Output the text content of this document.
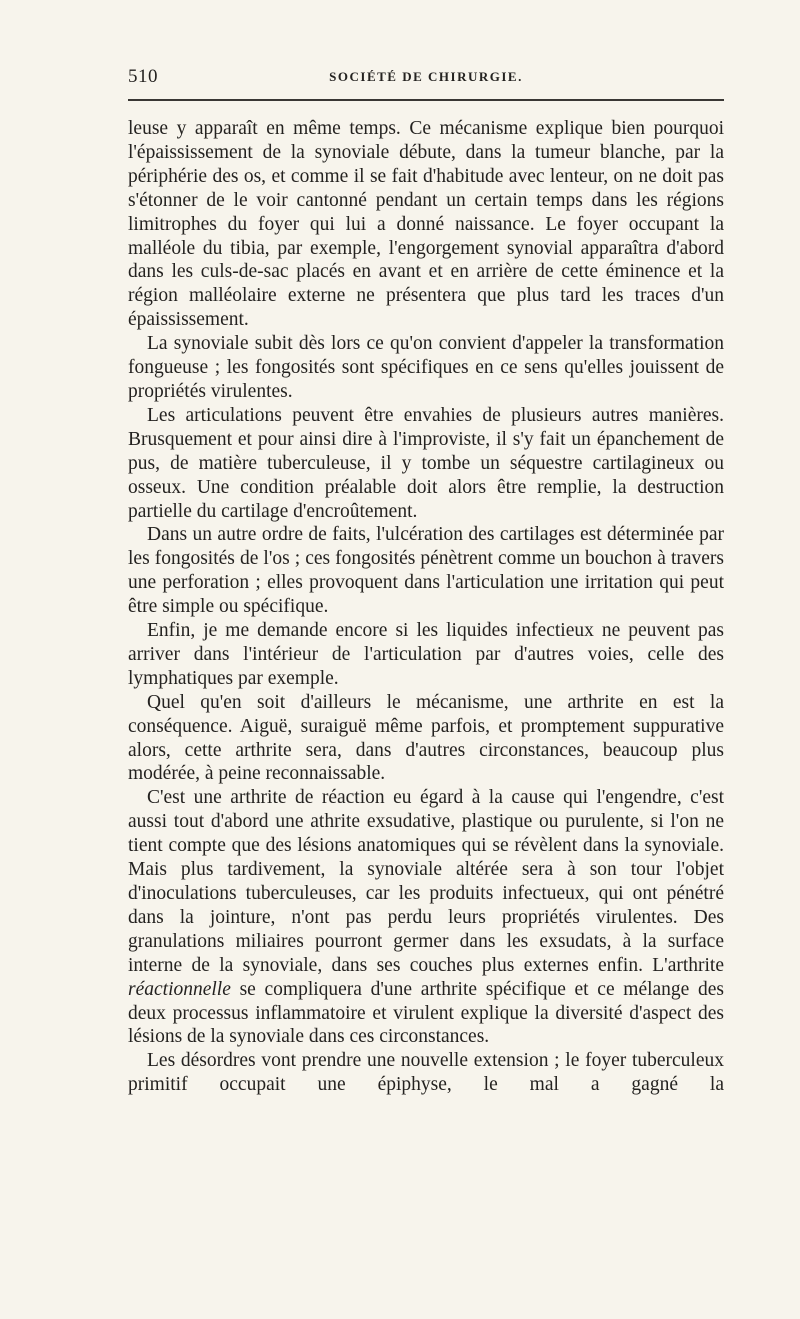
510	SOCIÉTÉ DE CHIRURGIE.

leuse y apparaît en même temps. Ce mécanisme explique bien pourquoi l'épaississement de la synoviale débute, dans la tumeur blanche, par la périphérie des os, et comme il se fait d'habitude avec lenteur, on ne doit pas s'étonner de le voir cantonné pendant un certain temps dans les régions limitrophes du foyer qui lui a donné naissance. Le foyer occupant la malléole du tibia, par exemple, l'engorgement synovial apparaîtra d'abord dans les culs-de-sac placés en avant et en arrière de cette éminence et la région malléolaire externe ne présentera que plus tard les traces d'un épaississement.

La synoviale subit dès lors ce qu'on convient d'appeler la transformation fongueuse ; les fongosités sont spécifiques en ce sens qu'elles jouissent de propriétés virulentes.

Les articulations peuvent être envahies de plusieurs autres manières. Brusquement et pour ainsi dire à l'improviste, il s'y fait un épanchement de pus, de matière tuberculeuse, il y tombe un séquestre cartilagineux ou osseux. Une condition préalable doit alors être remplie, la destruction partielle du cartilage d'encroûtement.

Dans un autre ordre de faits, l'ulcération des cartilages est déterminée par les fongosités de l'os ; ces fongosités pénètrent comme un bouchon à travers une perforation ; elles provoquent dans l'articulation une irritation qui peut être simple ou spécifique.

Enfin, je me demande encore si les liquides infectieux ne peuvent pas arriver dans l'intérieur de l'articulation par d'autres voies, celle des lymphatiques par exemple.

Quel qu'en soit d'ailleurs le mécanisme, une arthrite en est la conséquence. Aiguë, suraiguë même parfois, et promptement suppurative alors, cette arthrite sera, dans d'autres circonstances, beaucoup plus modérée, à peine reconnaissable.

C'est une arthrite de réaction eu égard à la cause qui l'engendre, c'est aussi tout d'abord une athrite exsudative, plastique ou purulente, si l'on ne tient compte que des lésions anatomiques qui se révèlent dans la synoviale. Mais plus tardivement, la synoviale altérée sera à son tour l'objet d'inoculations tuberculeuses, car les produits infectueux, qui ont pénétré dans la jointure, n'ont pas perdu leurs propriétés virulentes. Des granulations miliaires pourront germer dans les exsudats, à la surface interne de la synoviale, dans ses couches plus externes enfin. L'arthrite réactionnelle se compliquera d'une arthrite spécifique et ce mélange des deux processus inflammatoire et virulent explique la diversité d'aspect des lésions de la synoviale dans ces circonstances.

Les désordres vont prendre une nouvelle extension ; le foyer tuberculeux primitif occupait une épiphyse, le mal a gagné la
